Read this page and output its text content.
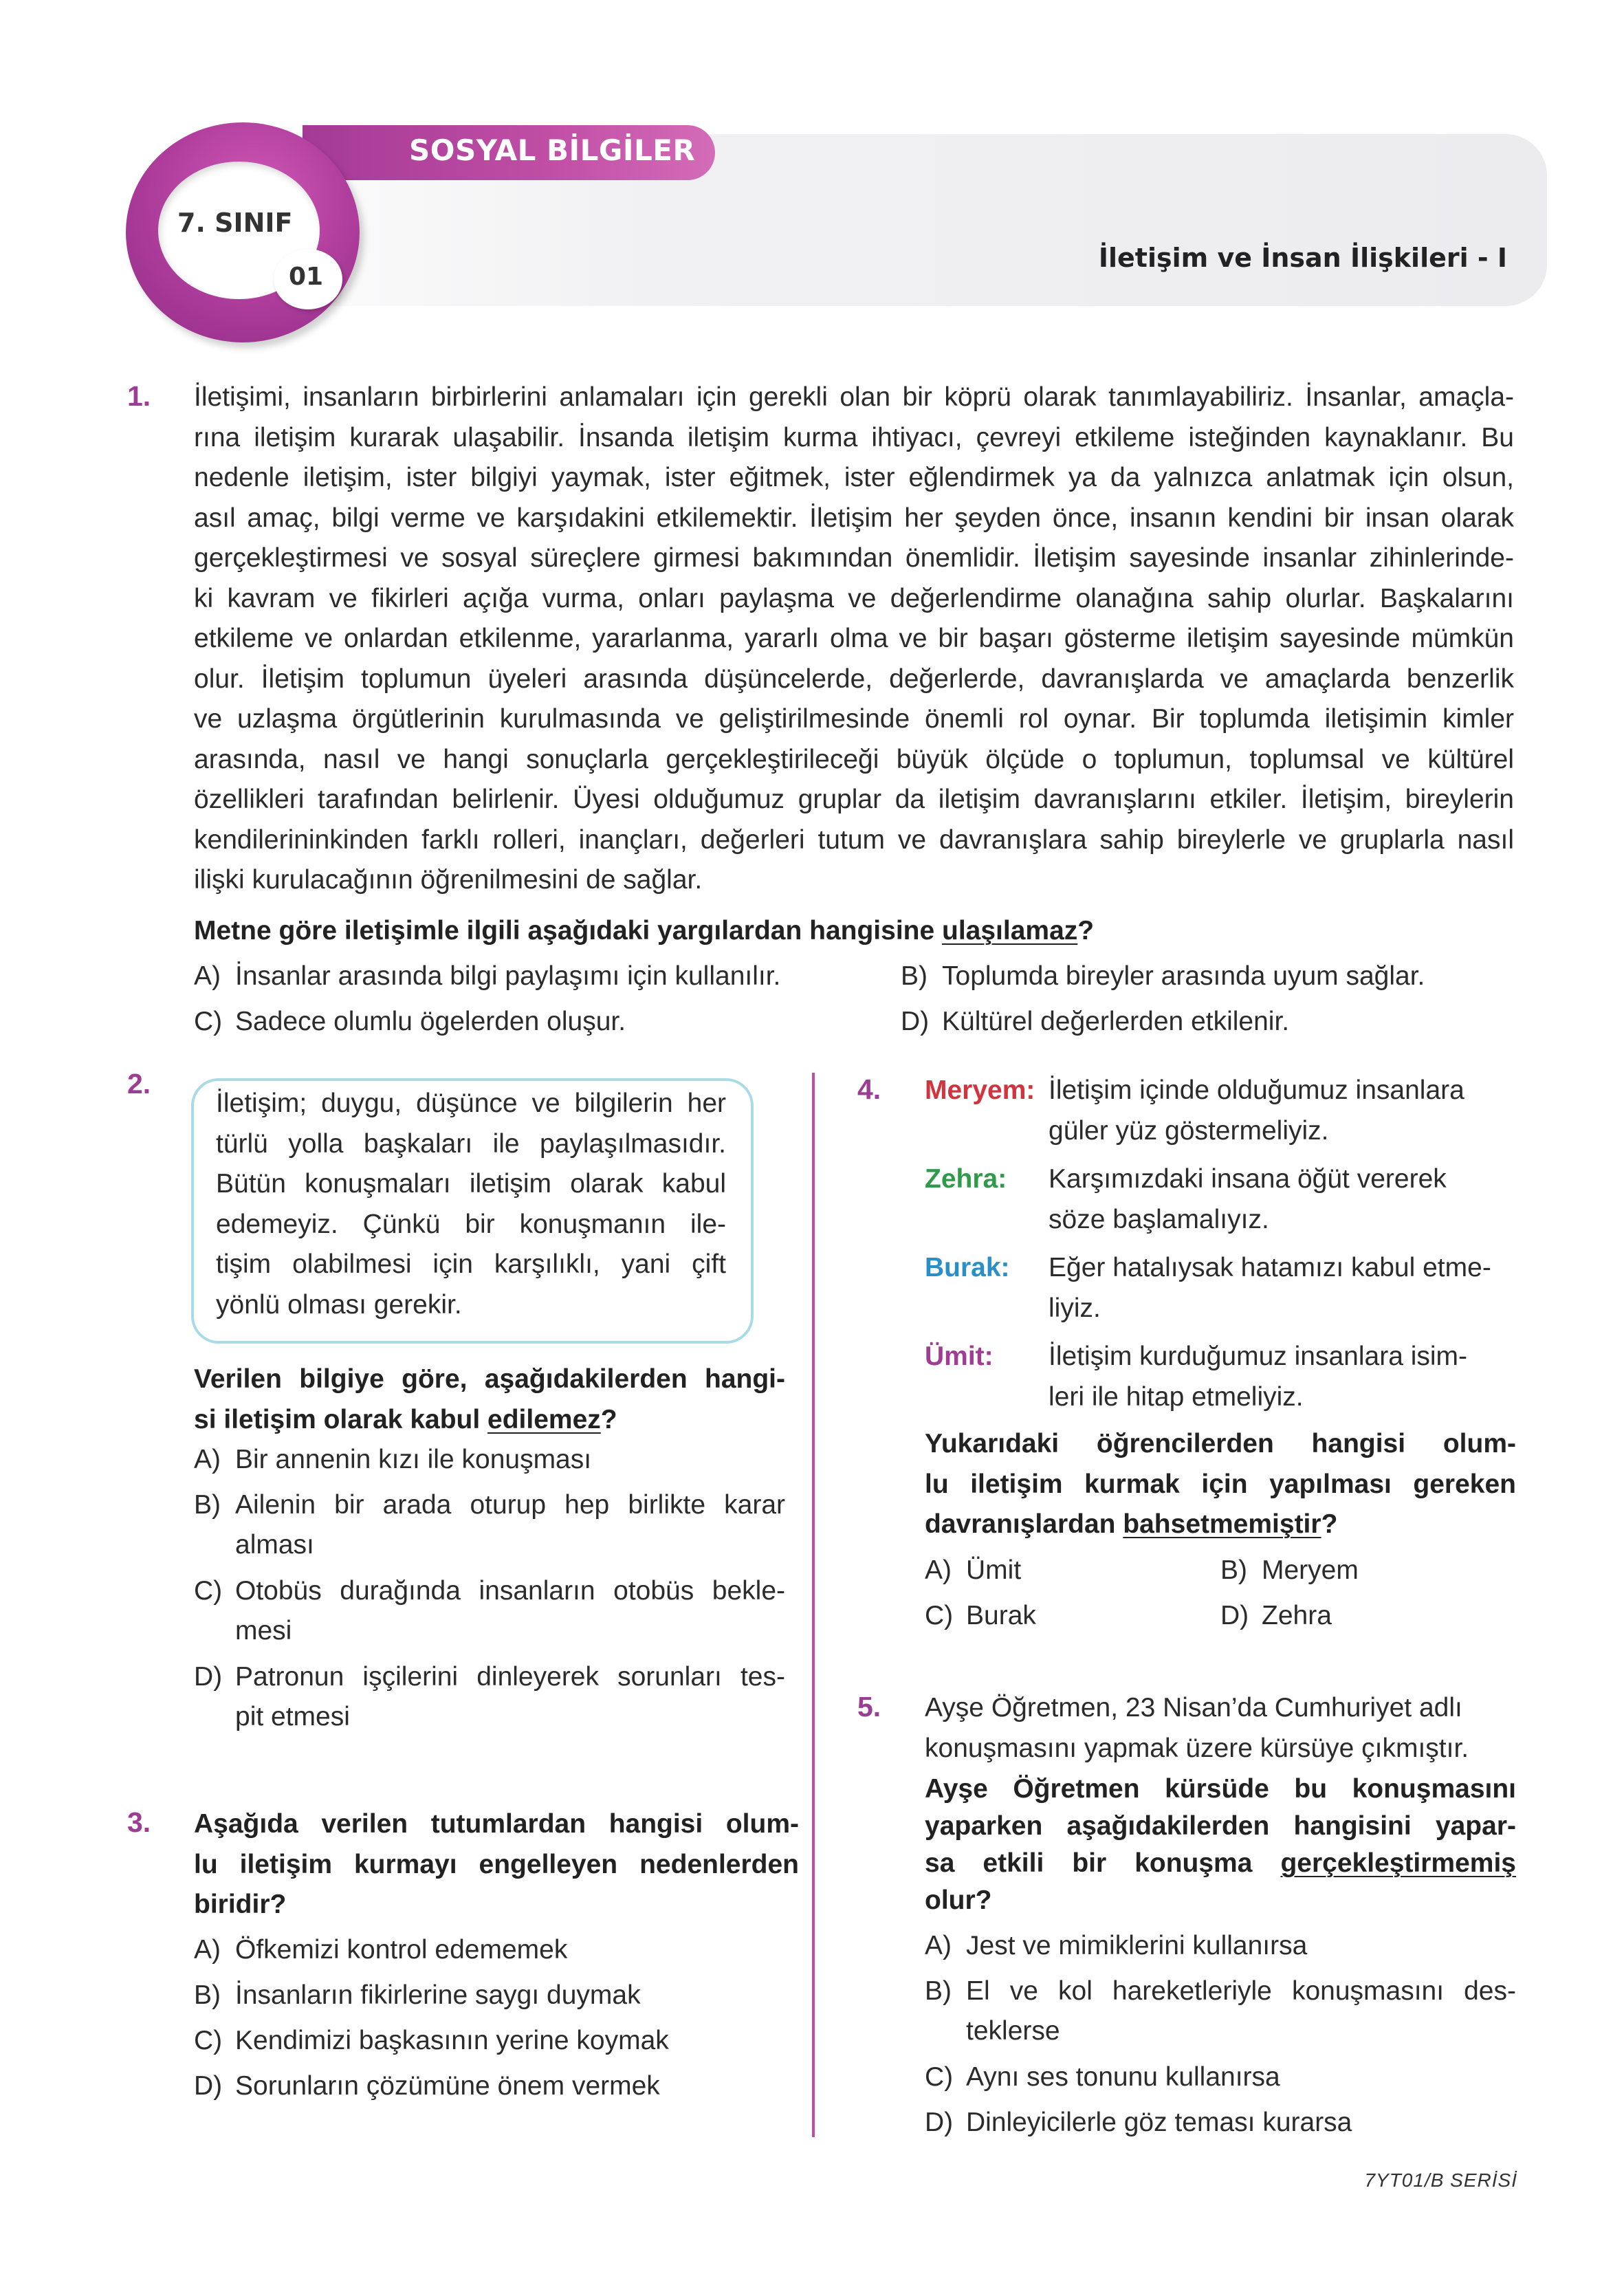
SOSYAL BİLGİLER
7. SINIF
01
İletişim ve İnsan İlişkileri - I
1. İletişimi, insanların birbirlerini anlamaları için gerekli olan bir köprü olarak tanımlayabiliriz. İnsanlar, amaçla-
rına iletişim kurarak ulaşabilir. İnsanda iletişim kurma ihtiyacı, çevreyi etkileme isteğinden kaynaklanır. Bu
nedenle iletişim, ister bilgiyi yaymak, ister eğitmek, ister eğlendirmek ya da yalnızca anlatmak için olsun,
asıl amaç, bilgi verme ve karşıdakini etkilemektir. İletişim her şeyden önce, insanın kendini bir insan olarak
gerçekleştirmesi ve sosyal süreçlere girmesi bakımından önemlidir. İletişim sayesinde insanlar zihinlerinde-
ki kavram ve fikirleri açığa vurma, onları paylaşma ve değerlendirme olanağına sahip olurlar. Başkalarını
etkileme ve onlardan etkilenme, yararlanma, yararlı olma ve bir başarı gösterme iletişim sayesinde mümkün
olur. İletişim toplumun üyeleri arasında düşüncelerde, değerlerde, davranışlarda ve amaçlarda benzerlik
ve uzlaşma örgütlerinin kurulmasında ve geliştirilmesinde önemli rol oynar. Bir toplumda iletişimin kimler
arasında, nasıl ve hangi sonuçlarla gerçekleştirileceği büyük ölçüde o toplumun, toplumsal ve kültürel
özellikleri tarafından belirlenir. Üyesi olduğumuz gruplar da iletişim davranışlarını etkiler. İletişim, bireylerin
kendilerininkinden farklı rolleri, inançları, değerleri tutum ve davranışlara sahip bireylerle ve gruplarla nasıl
ilişki kurulacağının öğrenilmesini de sağlar.
Metne göre iletişimle ilgili aşağıdaki yargılardan hangisine ulaşılamaz?
A) İnsanlar arasında bilgi paylaşımı için kullanılır.	B) Toplumda bireyler arasında uyum sağlar.
C) Sadece olumlu ögelerden oluşur.	D) Kültürel değerlerden etkilenir.
2.
İletişim; duygu, düşünce ve bilgilerin her
türlü yolla başkaları ile paylaşılmasıdır.
Bütün konuşmaları iletişim olarak kabul
edemeyiz. Çünkü bir konuşmanın ile-
tişim olabilmesi için karşılıklı, yani çift
yönlü olması gerekir.
Verilen bilgiye göre, aşağıdakilerden hangi-
si iletişim olarak kabul edilemez?
A) Bir annenin kızı ile konuşması
B) Ailenin bir arada oturup hep birlikte karar
alması
C) Otobüs durağında insanların otobüs bekle-
mesi
D) Patronun işçilerini dinleyerek sorunları tes-
pit etmesi
3. Aşağıda verilen tutumlardan hangisi olum-
lu iletişim kurmayı engelleyen nedenlerden
biridir?
A) Öfkemizi kontrol edememek
B) İnsanların fikirlerine saygı duymak
C) Kendimizi başkasının yerine koymak
D) Sorunların çözümüne önem vermek
4. Meryem: İletişim içinde olduğumuz insanlara
güler yüz göstermeliyiz.
Zehra:	Karşımızdaki insana öğüt vererek
söze başlamalıyız.
Burak: Eğer hatalıysak hatamızı kabul etme-
liyiz.
Ümit: İletişim kurduğumuz insanlara isim-
leri ile hitap etmeliyiz.
Yukarıdaki öğrencilerden hangisi olum-
lu iletişim kurmak için yapılması gereken
davranışlardan bahsetmemiştir?
A) Ümit	B) Meryem
C) Burak	D) Zehra
5. Ayşe Öğretmen, 23 Nisan’da Cumhuriyet adlı
konuşmasını yapmak üzere kürsüye çıkmıştır.
Ayşe Öğretmen kürsüde bu konuşmasını
yaparken aşağıdakilerden hangisini yapar-
sa etkili bir konuşma gerçekleştirmemiş
olur?
A) Jest ve mimiklerini kullanırsa
B) El ve kol hareketleriyle konuşmasını des-
teklerse
C) Aynı ses tonunu kullanırsa
D) Dinleyicilerle göz teması kurarsa
7YT01/B SERİSİ
